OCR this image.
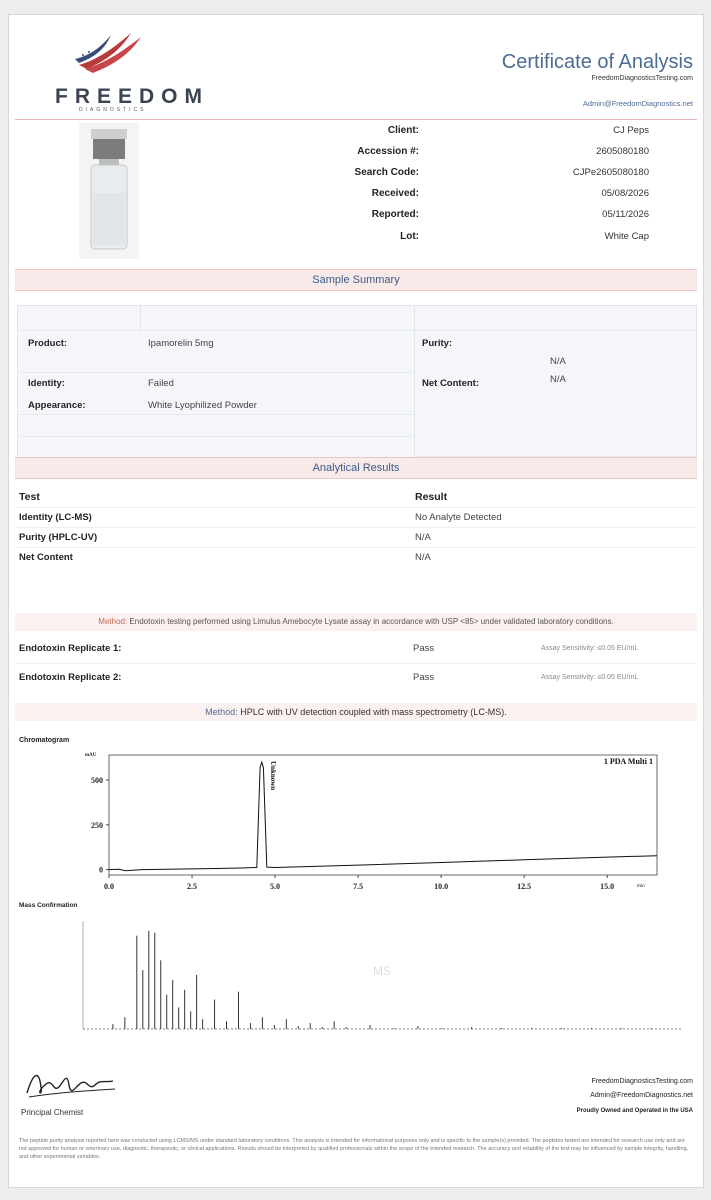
FREEDOM
DIAGNOSTICS
Certificate of Analysis
FreedomDiagnosticsTesting.com
Admin@FreedomDiagnostics.net
Client:	CJ Peps
Accession #:	2605080180
Search Code:	CJPe2605080180
Received:	05/08/2026
Reported:	05/11/2026
Lot:	White Cap
Sample Summary
Product:	Ipamorelin 5mg
Identity:	Failed
Appearance:	White Lyophilized Powder
Purity:
N/A
Net Content:	N/A
Analytical Results
Test	Result
Identity (LC-MS)	No Analyte Detected
Purity (HPLC-UV)	N/A
Net Content	N/A
Method: Endotoxin testing performed using Limulus Amebocyte Lysate assay in accordance with USP <85> under validated laboratory conditions.
Endotoxin Replicate 1:	Pass	Assay Sensitivity: ≤0.05 EU/mL
Endotoxin Replicate 2:	Pass	Assay Sensitivity: ≤0.05 EU/mL
Method: HPLC with UV detection coupled with mass spectrometry (LC-MS).
Chromatogram
0.0	2.5	5.0	7.5	10.0	12.5	15.0
0
250
500
mAU
min
1 PDA Multi 1
Unknown
Mass Confirmation
MS
Principal Chemist
FreedomDiagnosticsTesting.com
Admin@FreedomDiagnostics.net
Proudly Owned and Operated in the USA
The peptide purity analysis reported here was conducted using LCMS/MS under standard laboratory conditions. This analysis is intended for informational purposes only and is specific to the sample(s) provided. The peptides tested are intended for research use only and are not approved for human or veterinary use, diagnostic, therapeutic, or clinical applications. Results should be interpreted by qualified professionals within the scope of the intended research. The accuracy and reliability of the test may be influenced by sample integrity, handling, and other experimental variables.
